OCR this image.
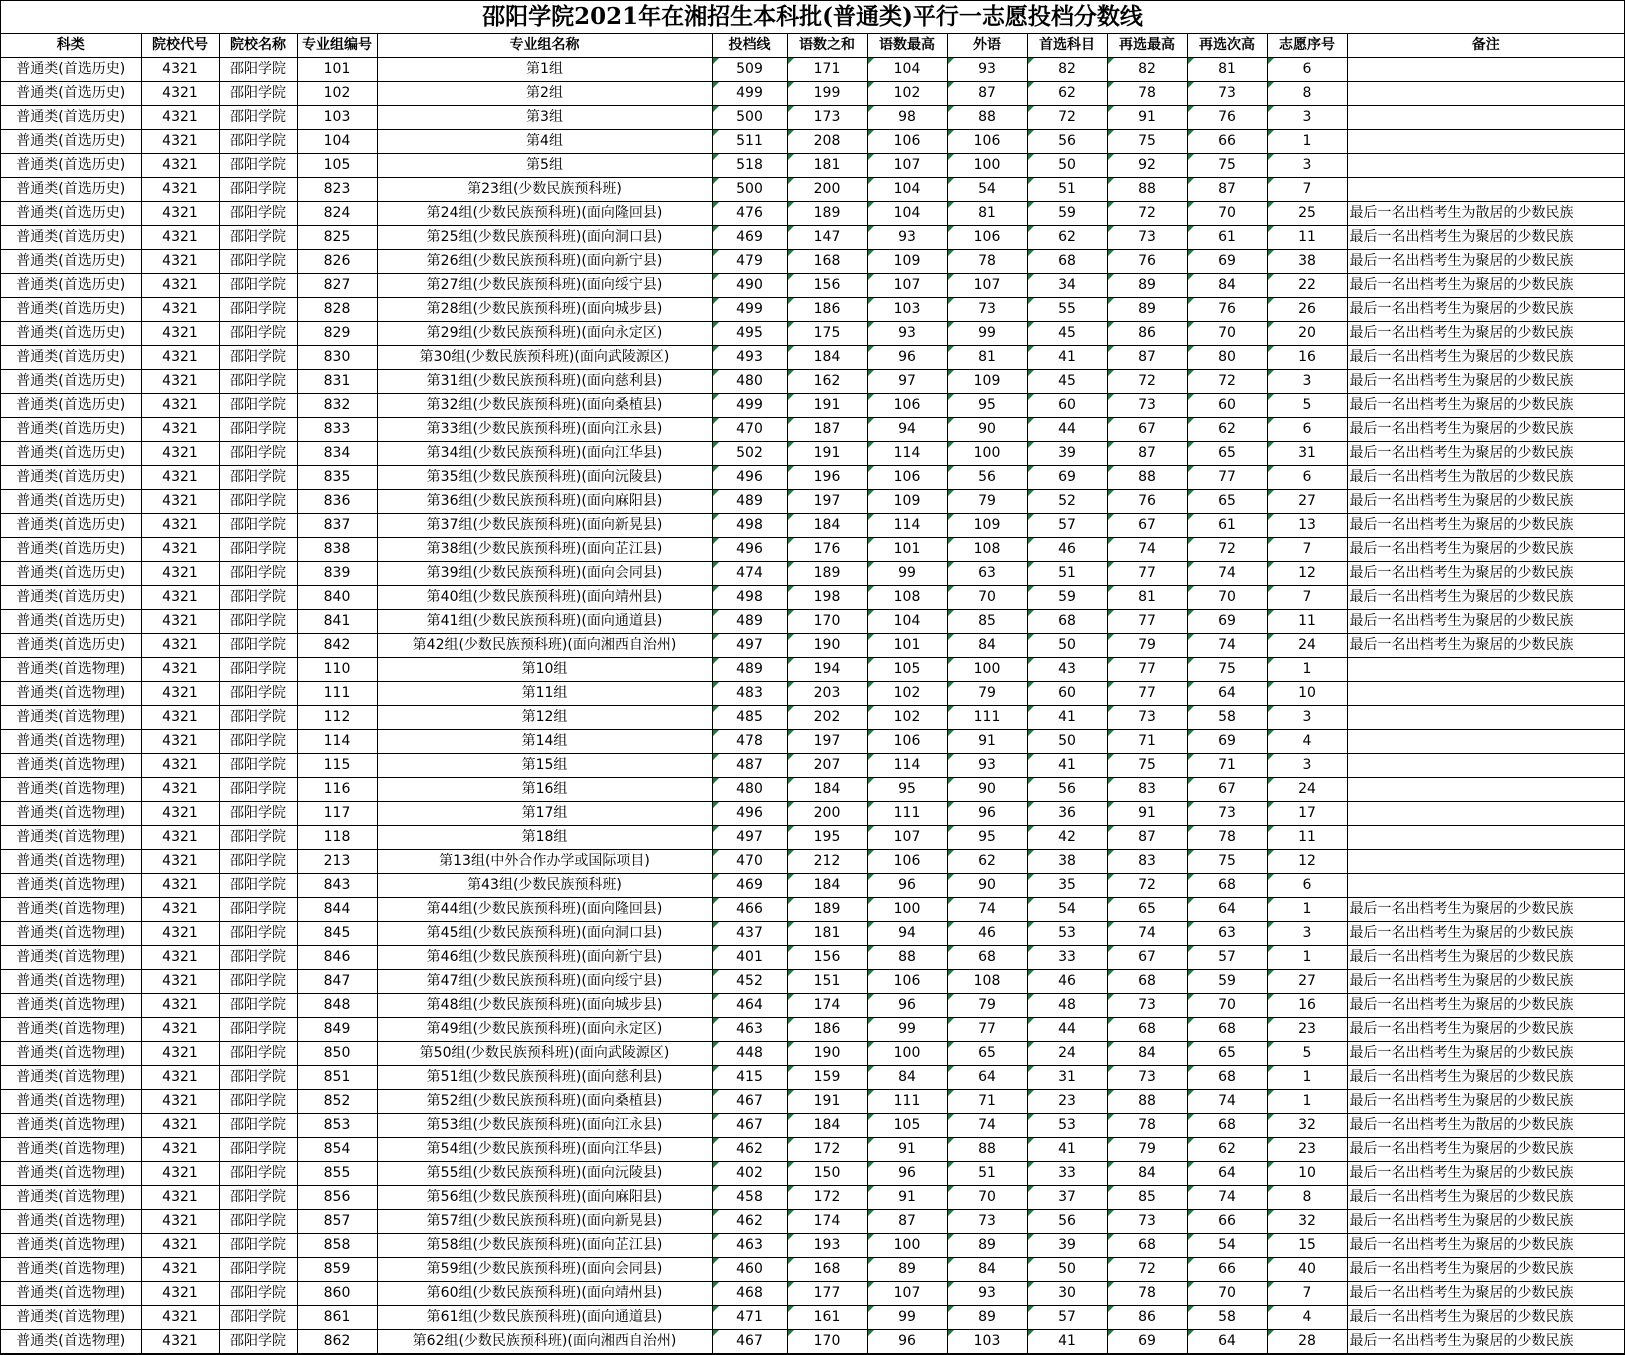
邵阳学院2021年在湘招生本科批(普通类)平行一志愿投档分数线
科类	院校代号	院校名称	专业组编号	专业组名称	投档线	语数之和	语数最高	外语	首选科目	再选最高	再选次高	志愿序号	备注
普通类(首选历史)	4321	邵阳学院	101	第1组	509	171	104	93	82	82	81	6	
普通类(首选历史)	4321	邵阳学院	102	第2组	499	199	102	87	62	78	73	8	
普通类(首选历史)	4321	邵阳学院	103	第3组	500	173	98	88	72	91	76	3	
普通类(首选历史)	4321	邵阳学院	104	第4组	511	208	106	106	56	75	66	1	
普通类(首选历史)	4321	邵阳学院	105	第5组	518	181	107	100	50	92	75	3	
普通类(首选历史)	4321	邵阳学院	823	第23组(少数民族预科班)	500	200	104	54	51	88	87	7	
普通类(首选历史)	4321	邵阳学院	824	第24组(少数民族预科班)(面向隆回县)	476	189	104	81	59	72	70	25	最后一名出档考生为散居的少数民族
普通类(首选历史)	4321	邵阳学院	825	第25组(少数民族预科班)(面向洞口县)	469	147	93	106	62	73	61	11	最后一名出档考生为聚居的少数民族
普通类(首选历史)	4321	邵阳学院	826	第26组(少数民族预科班)(面向新宁县)	479	168	109	78	68	76	69	38	最后一名出档考生为聚居的少数民族
普通类(首选历史)	4321	邵阳学院	827	第27组(少数民族预科班)(面向绥宁县)	490	156	107	107	34	89	84	22	最后一名出档考生为聚居的少数民族
普通类(首选历史)	4321	邵阳学院	828	第28组(少数民族预科班)(面向城步县)	499	186	103	73	55	89	76	26	最后一名出档考生为聚居的少数民族
普通类(首选历史)	4321	邵阳学院	829	第29组(少数民族预科班)(面向永定区)	495	175	93	99	45	86	70	20	最后一名出档考生为聚居的少数民族
普通类(首选历史)	4321	邵阳学院	830	第30组(少数民族预科班)(面向武陵源区)	493	184	96	81	41	87	80	16	最后一名出档考生为聚居的少数民族
普通类(首选历史)	4321	邵阳学院	831	第31组(少数民族预科班)(面向慈利县)	480	162	97	109	45	72	72	3	最后一名出档考生为聚居的少数民族
普通类(首选历史)	4321	邵阳学院	832	第32组(少数民族预科班)(面向桑植县)	499	191	106	95	60	73	60	5	最后一名出档考生为聚居的少数民族
普通类(首选历史)	4321	邵阳学院	833	第33组(少数民族预科班)(面向江永县)	470	187	94	90	44	67	62	6	最后一名出档考生为聚居的少数民族
普通类(首选历史)	4321	邵阳学院	834	第34组(少数民族预科班)(面向江华县)	502	191	114	100	39	87	65	31	最后一名出档考生为聚居的少数民族
普通类(首选历史)	4321	邵阳学院	835	第35组(少数民族预科班)(面向沅陵县)	496	196	106	56	69	88	77	6	最后一名出档考生为散居的少数民族
普通类(首选历史)	4321	邵阳学院	836	第36组(少数民族预科班)(面向麻阳县)	489	197	109	79	52	76	65	27	最后一名出档考生为聚居的少数民族
普通类(首选历史)	4321	邵阳学院	837	第37组(少数民族预科班)(面向新晃县)	498	184	114	109	57	67	61	13	最后一名出档考生为聚居的少数民族
普通类(首选历史)	4321	邵阳学院	838	第38组(少数民族预科班)(面向芷江县)	496	176	101	108	46	74	72	7	最后一名出档考生为聚居的少数民族
普通类(首选历史)	4321	邵阳学院	839	第39组(少数民族预科班)(面向会同县)	474	189	99	63	51	77	74	12	最后一名出档考生为聚居的少数民族
普通类(首选历史)	4321	邵阳学院	840	第40组(少数民族预科班)(面向靖州县)	498	198	108	70	59	81	70	7	最后一名出档考生为聚居的少数民族
普通类(首选历史)	4321	邵阳学院	841	第41组(少数民族预科班)(面向通道县)	489	170	104	85	68	77	69	11	最后一名出档考生为聚居的少数民族
普通类(首选历史)	4321	邵阳学院	842	第42组(少数民族预科班)(面向湘西自治州)	497	190	101	84	50	79	74	24	最后一名出档考生为聚居的少数民族
普通类(首选物理)	4321	邵阳学院	110	第10组	489	194	105	100	43	77	75	1	
普通类(首选物理)	4321	邵阳学院	111	第11组	483	203	102	79	60	77	64	10	
普通类(首选物理)	4321	邵阳学院	112	第12组	485	202	102	111	41	73	58	3	
普通类(首选物理)	4321	邵阳学院	114	第14组	478	197	106	91	50	71	69	4	
普通类(首选物理)	4321	邵阳学院	115	第15组	487	207	114	93	41	75	71	3	
普通类(首选物理)	4321	邵阳学院	116	第16组	480	184	95	90	56	83	67	24	
普通类(首选物理)	4321	邵阳学院	117	第17组	496	200	111	96	36	91	73	17	
普通类(首选物理)	4321	邵阳学院	118	第18组	497	195	107	95	42	87	78	11	
普通类(首选物理)	4321	邵阳学院	213	第13组(中外合作办学或国际项目)	470	212	106	62	38	83	75	12	
普通类(首选物理)	4321	邵阳学院	843	第43组(少数民族预科班)	469	184	96	90	35	72	68	6	
普通类(首选物理)	4321	邵阳学院	844	第44组(少数民族预科班)(面向隆回县)	466	189	100	74	54	65	64	1	最后一名出档考生为聚居的少数民族
普通类(首选物理)	4321	邵阳学院	845	第45组(少数民族预科班)(面向洞口县)	437	181	94	46	53	74	63	3	最后一名出档考生为聚居的少数民族
普通类(首选物理)	4321	邵阳学院	846	第46组(少数民族预科班)(面向新宁县)	401	156	88	68	33	67	57	1	最后一名出档考生为聚居的少数民族
普通类(首选物理)	4321	邵阳学院	847	第47组(少数民族预科班)(面向绥宁县)	452	151	106	108	46	68	59	27	最后一名出档考生为聚居的少数民族
普通类(首选物理)	4321	邵阳学院	848	第48组(少数民族预科班)(面向城步县)	464	174	96	79	48	73	70	16	最后一名出档考生为聚居的少数民族
普通类(首选物理)	4321	邵阳学院	849	第49组(少数民族预科班)(面向永定区)	463	186	99	77	44	68	68	23	最后一名出档考生为聚居的少数民族
普通类(首选物理)	4321	邵阳学院	850	第50组(少数民族预科班)(面向武陵源区)	448	190	100	65	24	84	65	5	最后一名出档考生为聚居的少数民族
普通类(首选物理)	4321	邵阳学院	851	第51组(少数民族预科班)(面向慈利县)	415	159	84	64	31	73	68	1	最后一名出档考生为聚居的少数民族
普通类(首选物理)	4321	邵阳学院	852	第52组(少数民族预科班)(面向桑植县)	467	191	111	71	23	88	74	1	最后一名出档考生为聚居的少数民族
普通类(首选物理)	4321	邵阳学院	853	第53组(少数民族预科班)(面向江永县)	467	184	105	74	53	78	68	32	最后一名出档考生为散居的少数民族
普通类(首选物理)	4321	邵阳学院	854	第54组(少数民族预科班)(面向江华县)	462	172	91	88	41	79	62	23	最后一名出档考生为聚居的少数民族
普通类(首选物理)	4321	邵阳学院	855	第55组(少数民族预科班)(面向沅陵县)	402	150	96	51	33	84	64	10	最后一名出档考生为聚居的少数民族
普通类(首选物理)	4321	邵阳学院	856	第56组(少数民族预科班)(面向麻阳县)	458	172	91	70	37	85	74	8	最后一名出档考生为聚居的少数民族
普通类(首选物理)	4321	邵阳学院	857	第57组(少数民族预科班)(面向新晃县)	462	174	87	73	56	73	66	32	最后一名出档考生为聚居的少数民族
普通类(首选物理)	4321	邵阳学院	858	第58组(少数民族预科班)(面向芷江县)	463	193	100	89	39	68	54	15	最后一名出档考生为聚居的少数民族
普通类(首选物理)	4321	邵阳学院	859	第59组(少数民族预科班)(面向会同县)	460	168	89	84	50	72	66	40	最后一名出档考生为聚居的少数民族
普通类(首选物理)	4321	邵阳学院	860	第60组(少数民族预科班)(面向靖州县)	468	177	107	93	30	78	70	7	最后一名出档考生为聚居的少数民族
普通类(首选物理)	4321	邵阳学院	861	第61组(少数民族预科班)(面向通道县)	471	161	99	89	57	86	58	4	最后一名出档考生为聚居的少数民族
普通类(首选物理)	4321	邵阳学院	862	第62组(少数民族预科班)(面向湘西自治州)	467	170	96	103	41	69	64	28	最后一名出档考生为聚居的少数民族
